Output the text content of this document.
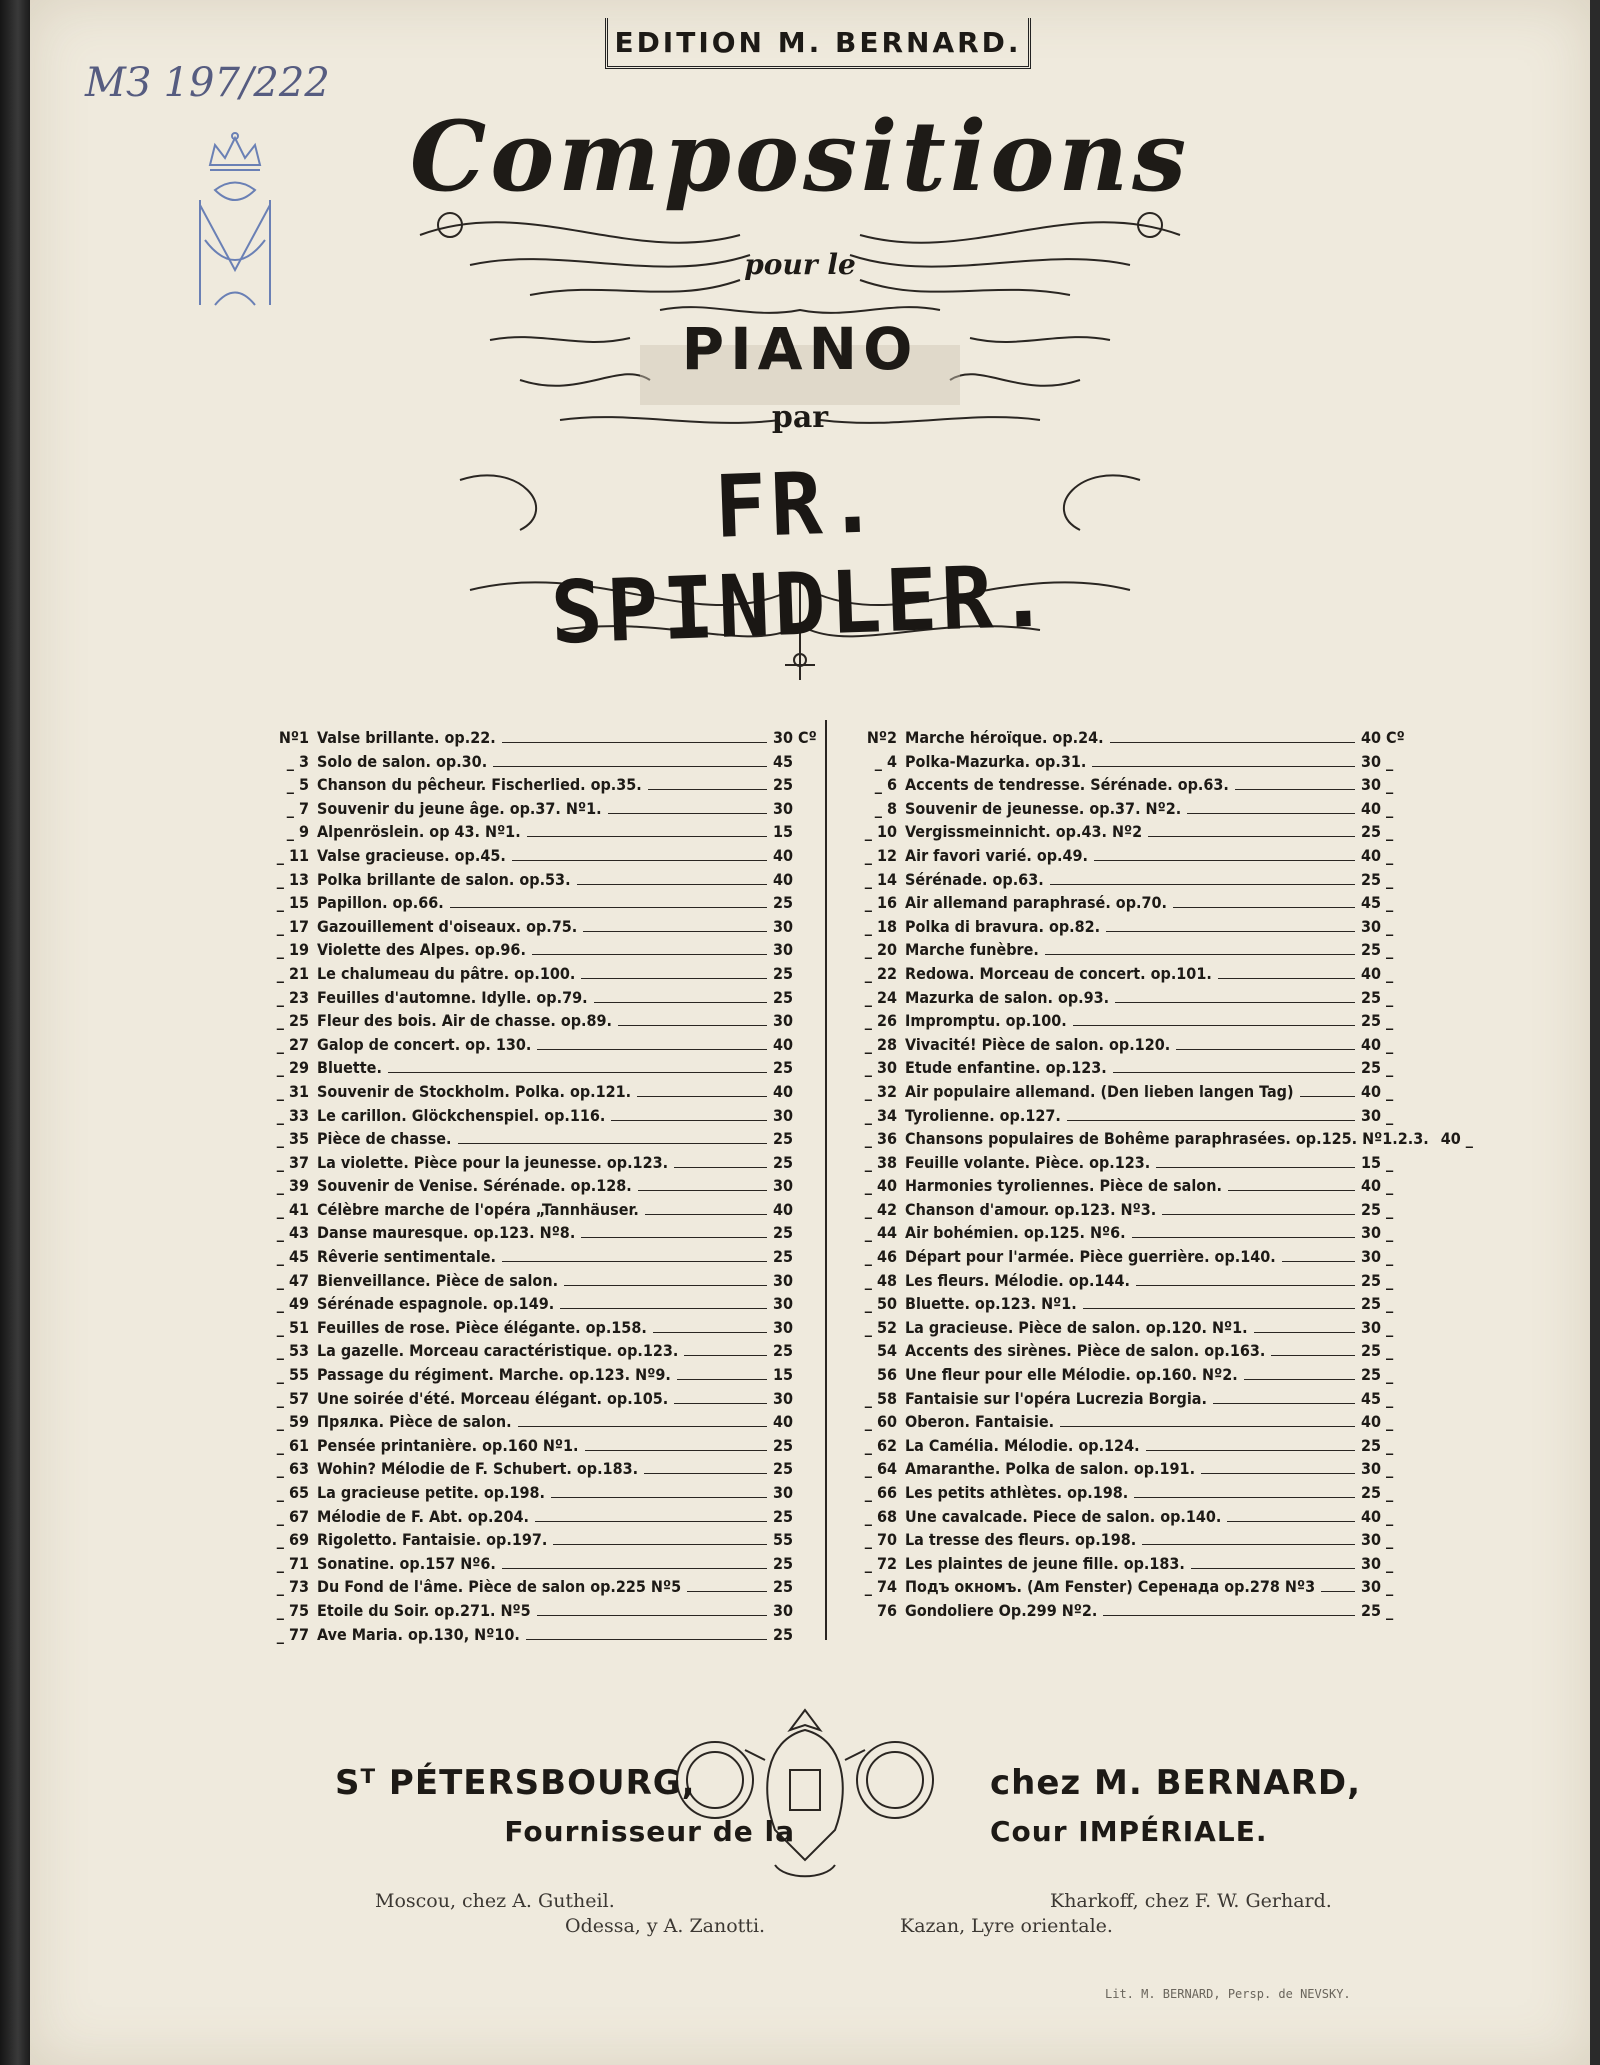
EDITION M. BERNARD.
МЗ 197/222
Compositions
pour le
PIANO
par
FR. SPINDLER.
Nº1 Valse brillante. op.22.	30 Cº
_ 3 Solo de salon. op.30.	45
_ 5 Chanson du pêcheur. Fischerlied. op.35.	25
_ 7 Souvenir du jeune âge. op.37. Nº1.	30
_ 9 Alpenröslein. op 43. Nº1.	15
_ 11 Valse gracieuse. op.45.	40
_ 13 Polka brillante de salon. op.53.	40
_ 15 Papillon. op.66.	25
_ 17 Gazouillement d'oiseaux. op.75.	30
_ 19 Violette des Alpes. op.96.	30
_ 21 Le chalumeau du pâtre. op.100.	25
_ 23 Feuilles d'automne. Idylle. op.79.	25
_ 25 Fleur des bois. Air de chasse. op.89.	30
_ 27 Galop de concert. op. 130.	40
_ 29 Bluette.	25
_ 31 Souvenir de Stockholm. Polka. op.121.	40
_ 33 Le carillon. Glöckchenspiel. op.116.	30
_ 35 Pièce de chasse.	25
_ 37 La violette. Pièce pour la jeunesse. op.123.	25
_ 39 Souvenir de Venise. Sérénade. op.128.	30
_ 41 Célèbre marche de l'opéra „Tannhäuser.	40
_ 43 Danse mauresque. op.123. Nº8.	25
_ 45 Rêverie sentimentale.	25
_ 47 Bienveillance. Pièce de salon.	30
_ 49 Sérénade espagnole. op.149.	30
_ 51 Feuilles de rose. Pièce élégante. op.158.	30
_ 53 La gazelle. Morceau caractéristique. op.123.	25
_ 55 Passage du régiment. Marche. op.123. Nº9.	15
_ 57 Une soirée d'été. Morceau élégant. op.105.	30
_ 59 Прялка. Pièce de salon.	40
_ 61 Pensée printanière. op.160 Nº1.	25
_ 63 Wohin? Mélodie de F. Schubert. op.183.	25
_ 65 La gracieuse petite. op.198.	30
_ 67 Mélodie de F. Abt. op.204.	25
_ 69 Rigoletto. Fantaisie. op.197.	55
_ 71 Sonatine. op.157 Nº6.	25
_ 73 Du Fond de l'âme. Pièce de salon op.225 Nº5	25
_ 75 Etoile du Soir. op.271. Nº5	30
_ 77 Ave Maria. op.130, Nº10.	25
Nº2 Marche héroïque. op.24.	40 Cº
_ 4 Polka-Mazurka. op.31.	30 _
_ 6 Accents de tendresse. Sérénade. op.63.	30 _
_ 8 Souvenir de jeunesse. op.37. Nº2.	40 _
_ 10 Vergissmeinnicht. op.43. Nº2	25 _
_ 12 Air favori varié. op.49.	40 _
_ 14 Sérénade. op.63.	25 _
_ 16 Air allemand paraphrasé. op.70.	45 _
_ 18 Polka di bravura. op.82.	30 _
_ 20 Marche funèbre.	25 _
_ 22 Redowa. Morceau de concert. op.101.	40 _
_ 24 Mazurka de salon. op.93.	25 _
_ 26 Impromptu. op.100.	25 _
_ 28 Vivacité! Pièce de salon. op.120.	40 _
_ 30 Etude enfantine. op.123.	25 _
_ 32 Air populaire allemand. (Den lieben langen Tag)	40 _
_ 34 Tyrolienne. op.127.	30 _
_ 36 Chansons populaires de Bohême paraphrasées. op.125. Nº1.2.3. 40 _
_ 38 Feuille volante. Pièce. op.123.	15 _
_ 40 Harmonies tyroliennes. Pièce de salon.	40 _
_ 42 Chanson d'amour. op.123. Nº3.	25 _
_ 44 Air bohémien. op.125. Nº6.	30 _
_ 46 Départ pour l'armée. Pièce guerrière. op.140.	30 _
_ 48 Les fleurs. Mélodie. op.144.	25 _
_ 50 Bluette. op.123. Nº1.	25 _
_ 52 La gracieuse. Pièce de salon. op.120. Nº1.	30 _
54 Accents des sirènes. Pièce de salon. op.163.	25 _
56 Une fleur pour elle Mélodie. op.160. Nº2.	25 _
_ 58 Fantaisie sur l'opéra Lucrezia Borgia.	45 _
_ 60 Oberon. Fantaisie.	40 _
_ 62 La Camélia. Mélodie. op.124.	25 _
_ 64 Amaranthe. Polka de salon. op.191.	30 _
_ 66 Les petits athlètes. op.198.	25 _
_ 68 Une cavalcade. Piece de salon. op.140.	40 _
_ 70 La tresse des fleurs. op.198.	30 _
_ 72 Les plaintes de jeune fille. op.183.	30 _
_ 74 Подъ окномъ. (Am Fenster) Серенада op.278 Nº3	30 _
76 Gondoliere Op.299 Nº2.	25 _
Sᵀ PÉTERSBOURG,
Fournisseur de la
chez M. BERNARD,
Cour IMPÉRIALE.
Moscou, chez A. Gutheil.
Odessa, y A. Zanotti.
Kharkoff, chez F. W. Gerhard.
Kazan, Lyre orientale.
Lit. M. BERNARD, Persp. de NEVSKY.
